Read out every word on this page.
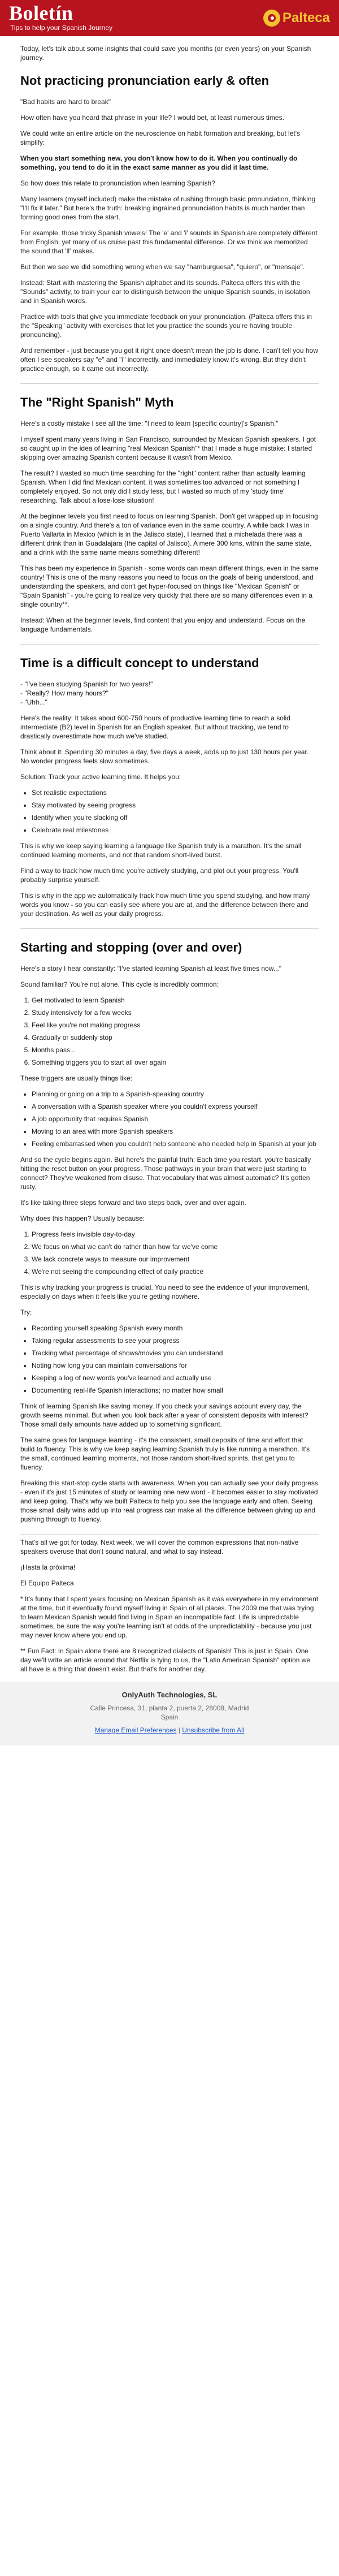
Boletín
Tips to help your Spanish Journey
Palteca

Today, let's talk about some insights that could save you months (or even years) on your Spanish journey.

Not practicing pronunciation early & often

"Bad habits are hard to break"

How often have you heard that phrase in your life? I would bet, at least numerous times.

We could write an entire article on the neuroscience on habit formation and breaking, but let's simplify:

When you start something new, you don't know how to do it. When you continually do something, you tend to do it in the exact same manner as you did it last time.

So how does this relate to pronunciation when learning Spanish?

Many learners (myself included) make the mistake of rushing through basic pronunciation, thinking "I'll fix it later." But here's the truth: breaking ingrained pronunciation habits is much harder than forming good ones from the start.

For example, those tricky Spanish vowels! The 'e' and 'i' sounds in Spanish are completely different from English, yet many of us cruise past this fundamental difference. Or we think we memorized the sound that 'll' makes.

But then we see we did something wrong when we say "hamburguesa", "quiero", or "mensaje".

Instead: Start with mastering the Spanish alphabet and its sounds. Palteca offers this with the "Sounds" activity, to train your ear to distinguish between the unique Spanish sounds, in isolation and in Spanish words.

Practice with tools that give you immediate feedback on your pronunciation. (Palteca offers this in the "Speaking" activity with exercises that let you practice the sounds you're having trouble pronouncing).

And remember - just because you got it right once doesn't mean the job is done. I can't tell you how often I see speakers say "e" and "i" incorrectly, and immediately know it's wrong. But they didn't practice enough, so it came out incorrectly.

The "Right Spanish" Myth

Here's a costly mistake I see all the time: "I need to learn [specific country]'s Spanish."

I myself spent many years living in San Francisco, surrounded by Mexican Spanish speakers. I got so caught up in the idea of learning "real Mexican Spanish"* that I made a huge mistake: I started skipping over amazing Spanish content because it wasn't from Mexico.

The result? I wasted so much time searching for the "right" content rather than actually learning Spanish. When I did find Mexican content, it was sometimes too advanced or not something I completely enjoyed. So not only did I study less, but I wasted so much of my 'study time' researching. Talk about a lose-lose situation!

At the beginner levels you first need to focus on learning Spanish. Don't get wrapped up in focusing on a single country. And there's a ton of variance even in the same country. A while back I was in Puerto Vallarta in Mexico (which is in the Jalisco state), I learned that a michelada there was a different drink than in Guadalajara (the capital of Jalisco). A mere 300 kms, within the same state, and a drink with the same name means something different!

This has been my experience in Spanish - some words can mean different things, even in the same country! This is one of the many reasons you need to focus on the goals of being understood, and understanding the speakers, and don't get hyper-focused on things like "Mexican Spanish" or "Spain Spanish" - you're going to realize very quickly that there are so many differences even in a single country**.

Instead: When at the beginner levels, find content that you enjoy and understand. Focus on the language fundamentals.

Time is a difficult concept to understand

- "I've been studying Spanish for two years!"
- "Really? How many hours?"
- "Uhh..."

Here's the reality: It takes about 600-750 hours of productive learning time to reach a solid intermediate (B2) level in Spanish for an English speaker. But without tracking, we tend to drastically overestimate how much we've studied.

Think about it: Spending 30 minutes a day, five days a week, adds up to just 130 hours per year. No wonder progress feels slow sometimes.

Solution: Track your active learning time. It helps you:

• Set realistic expectations
• Stay motivated by seeing progress
• Identify when you're slacking off
• Celebrate real milestones

This is why we keep saying learning a language like Spanish truly is a marathon. It's the small continued learning moments, and not that random short-lived burst.

Find a way to track how much time you're actively studying, and plot out your progress. You'll probably surprise yourself.

This is why in the app we automatically track how much time you spend studying, and how many words you know - so you can easily see where you are at, and the difference between there and your destination. As well as your daily progress.

Starting and stopping (over and over)

Here's a story I hear constantly: "I've started learning Spanish at least five times now..."

Sound familiar? You're not alone. This cycle is incredibly common:

1. Get motivated to learn Spanish
2. Study intensively for a few weeks
3. Feel like you're not making progress
4. Gradually or suddenly stop
5. Months pass...
6. Something triggers you to start all over again

These triggers are usually things like:

• Planning or going on a trip to a Spanish-speaking country
• A conversation with a Spanish speaker where you couldn't express yourself
• A job opportunity that requires Spanish
• Moving to an area with more Spanish speakers
• Feeling embarrassed when you couldn't help someone who needed help in Spanish at your job

And so the cycle begins again. But here's the painful truth: Each time you restart, you're basically hitting the reset button on your progress. Those pathways in your brain that were just starting to connect? They've weakened from disuse. That vocabulary that was almost automatic? It's gotten rusty.

It's like taking three steps forward and two steps back, over and over again.

Why does this happen? Usually because:

1. Progress feels invisible day-to-day
2. We focus on what we can't do rather than how far we've come
3. We lack concrete ways to measure our improvement
4. We're not seeing the compounding effect of daily practice

This is why tracking your progress is crucial. You need to see the evidence of your improvement, especially on days when it feels like you're getting nowhere.

Try:

• Recording yourself speaking Spanish every month
• Taking regular assessments to see your progress
• Tracking what percentage of shows/movies you can understand
• Noting how long you can maintain conversations for
• Keeping a log of new words you've learned and actually use
• Documenting real-life Spanish interactions; no matter how small

Think of learning Spanish like saving money. If you check your savings account every day, the growth seems minimal. But when you look back after a year of consistent deposits with interest? Those small daily amounts have added up to something significant.

The same goes for language learning - it's the consistent, small deposits of time and effort that build to fluency. This is why we keep saying learning Spanish truly is like running a marathon. It's the small, continued learning moments, not those random short-lived sprints, that get you to fluency.

Breaking this start-stop cycle starts with awareness. When you can actually see your daily progress - even if it's just 15 minutes of study or learning one new word - it becomes easier to stay motivated and keep going. That's why we built Palteca to help you see the language early and often. Seeing those small daily wins add up into real progress can make all the difference between giving up and pushing through to fluency.

That's all we got for today. Next week, we will cover the common expressions that non-native speakers overuse that don't sound natural, and what to say instead.

¡Hasta la próxima!

El Equipo Palteca

* It's funny that I spent years focusing on Mexican Spanish as it was everywhere in my environment at the time, but it eventually found myself living in Spain of all places. The 2009 me that was trying to learn Mexican Spanish would find living in Spain an incompatible fact. Life is unpredictable sometimes, be sure the way you're learning isn't at odds of the unpredictability - because you just may never know where you end up.

** Fun Fact: In Spain alone there are 8 recognized dialects of Spanish! This is just in Spain. One day we'll write an article around that Netflix is tying to us, the "Latin American Spanish" option we all have is a thing that doesn't exist. But that's for another day.

OnlyAuth Technologies, SL
Calle Princesa, 31, planta 2, puerta 2, 28008, Madrid
Spain
Manage Email Preferences | Unsubscribe from All
